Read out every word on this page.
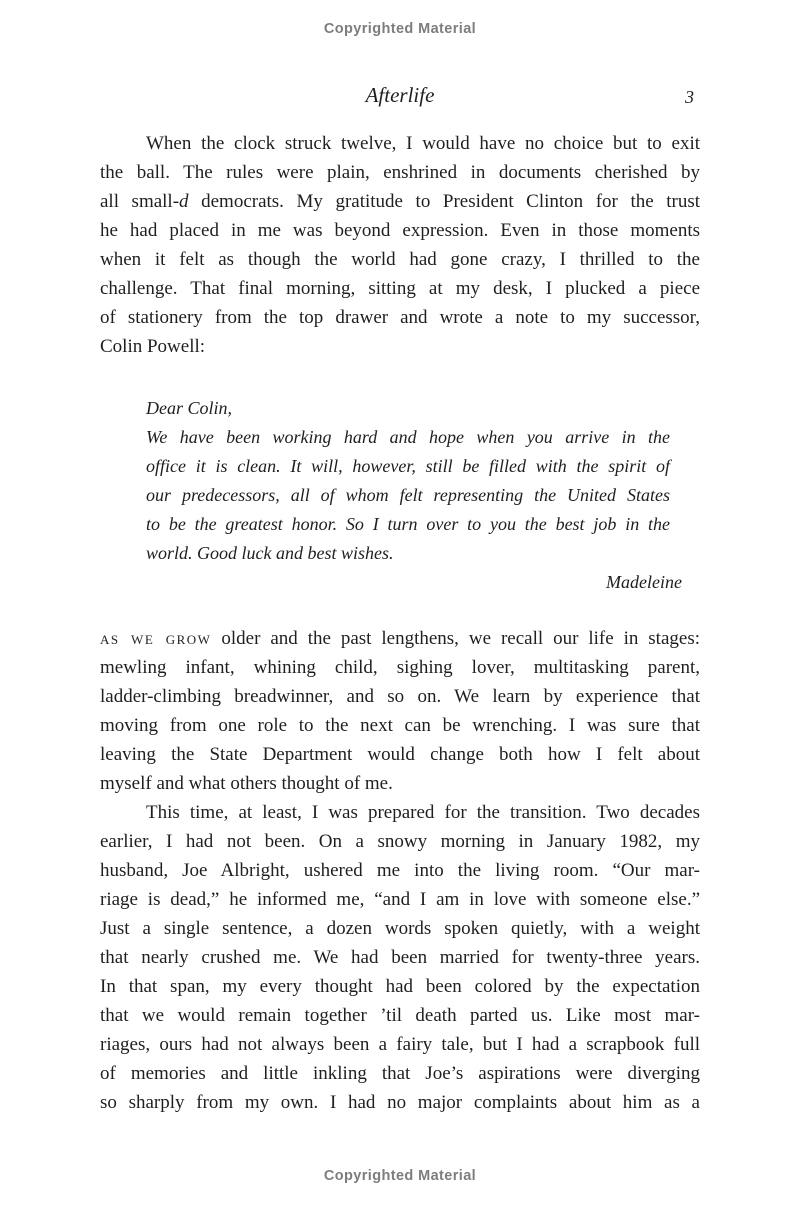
Copyrighted Material
Afterlife	3
When the clock struck twelve, I would have no choice but to exit
the ball. The rules were plain, enshrined in documents cherished by
all small-d democrats. My gratitude to President Clinton for the trust
he had placed in me was beyond expression. Even in those moments
when it felt as though the world had gone crazy, I thrilled to the
challenge. That final morning, sitting at my desk, I plucked a piece
of stationery from the top drawer and wrote a note to my successor,
Colin Powell:
Dear Colin,
We have been working hard and hope when you arrive in the
office it is clean. It will, however, still be filled with the spirit of
our predecessors, all of whom felt representing the United States
to be the greatest honor. So I turn over to you the best job in the
world. Good luck and best wishes.
Madeleine
as we grow older and the past lengthens, we recall our life in stages:
mewling infant, whining child, sighing lover, multitasking parent,
ladder-climbing breadwinner, and so on. We learn by experience that
moving from one role to the next can be wrenching. I was sure that
leaving the State Department would change both how I felt about
myself and what others thought of me.
This time, at least, I was prepared for the transition. Two decades
earlier, I had not been. On a snowy morning in January 1982, my
husband, Joe Albright, ushered me into the living room. “Our mar-
riage is dead,” he informed me, “and I am in love with someone else.”
Just a single sentence, a dozen words spoken quietly, with a weight
that nearly crushed me. We had been married for twenty-three years.
In that span, my every thought had been colored by the expectation
that we would remain together ’til death parted us. Like most mar-
riages, ours had not always been a fairy tale, but I had a scrapbook full
of memories and little inkling that Joe’s aspirations were diverging
so sharply from my own. I had no major complaints about him as a
Copyrighted Material
